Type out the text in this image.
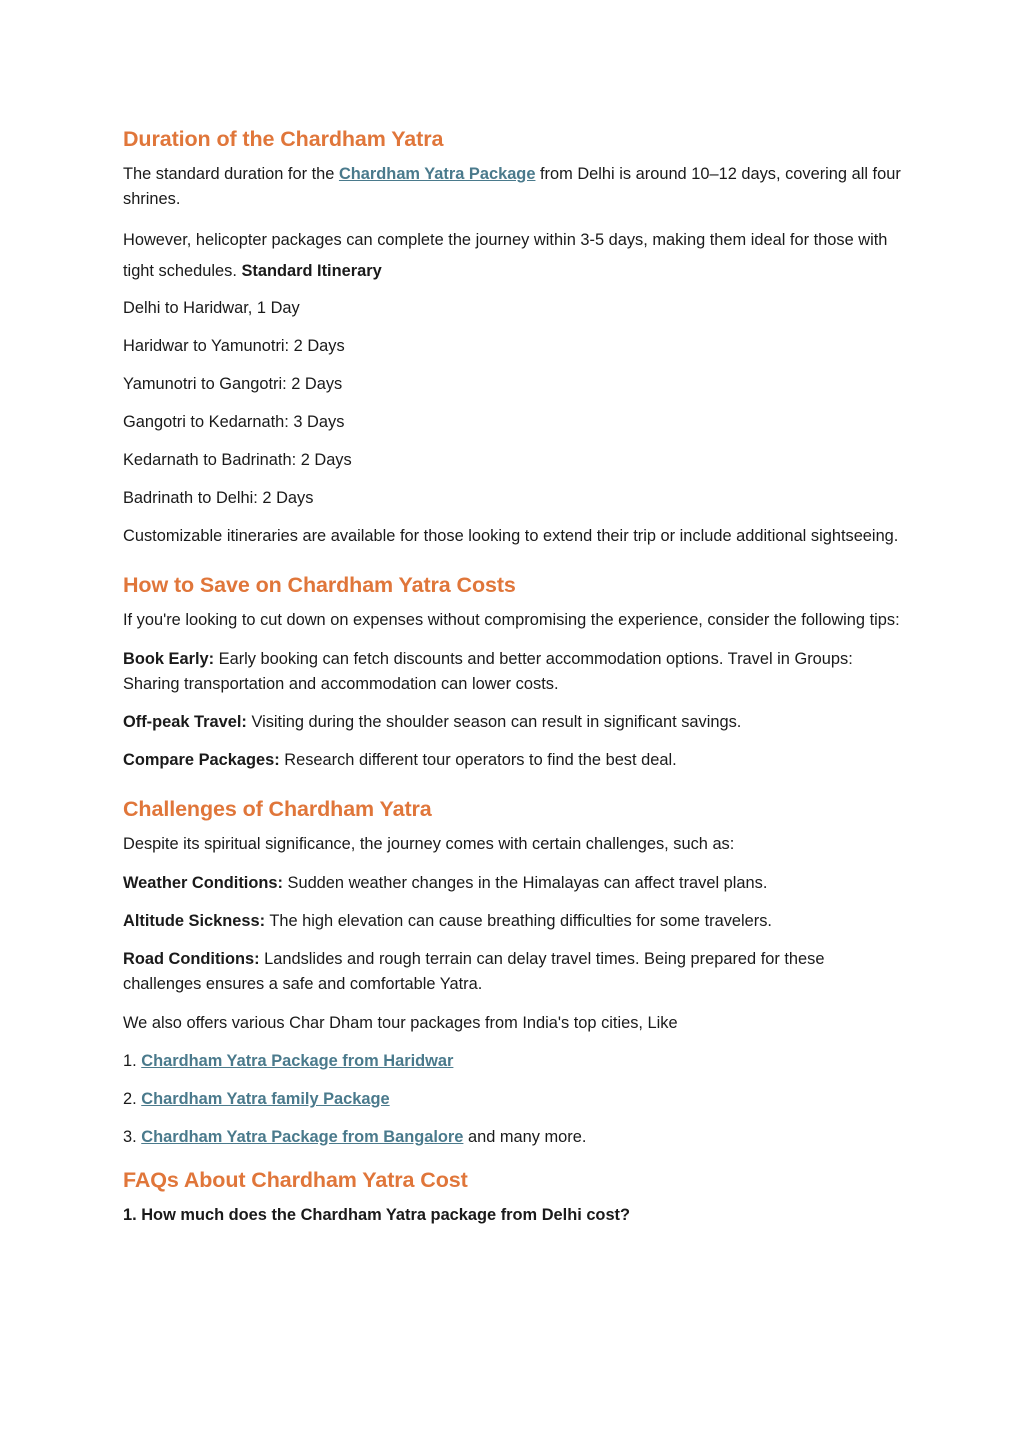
Duration of the Chardham Yatra

The standard duration for the Chardham Yatra Package from Delhi is around 10–12 days, covering all four shrines.

However, helicopter packages can complete the journey within 3-5 days, making them ideal for those with tight schedules. Standard Itinerary

Delhi to Haridwar, 1 Day

Haridwar to Yamunotri: 2 Days

Yamunotri to Gangotri: 2 Days

Gangotri to Kedarnath: 3 Days

Kedarnath to Badrinath: 2 Days

Badrinath to Delhi: 2 Days

Customizable itineraries are available for those looking to extend their trip or include additional sightseeing.

How to Save on Chardham Yatra Costs

If you're looking to cut down on expenses without compromising the experience, consider the following tips:

Book Early: Early booking can fetch discounts and better accommodation options. Travel in Groups: Sharing transportation and accommodation can lower costs.

Off-peak Travel: Visiting during the shoulder season can result in significant savings.

Compare Packages: Research different tour operators to find the best deal.

Challenges of Chardham Yatra

Despite its spiritual significance, the journey comes with certain challenges, such as:

Weather Conditions: Sudden weather changes in the Himalayas can affect travel plans.

Altitude Sickness: The high elevation can cause breathing difficulties for some travelers.

Road Conditions: Landslides and rough terrain can delay travel times. Being prepared for these challenges ensures a safe and comfortable Yatra.

We also offers various Char Dham tour packages from India's top cities, Like

1. Chardham Yatra Package from Haridwar

2. Chardham Yatra family Package

3. Chardham Yatra Package from Bangalore and many more.

FAQs About Chardham Yatra Cost

1. How much does the Chardham Yatra package from Delhi cost?
